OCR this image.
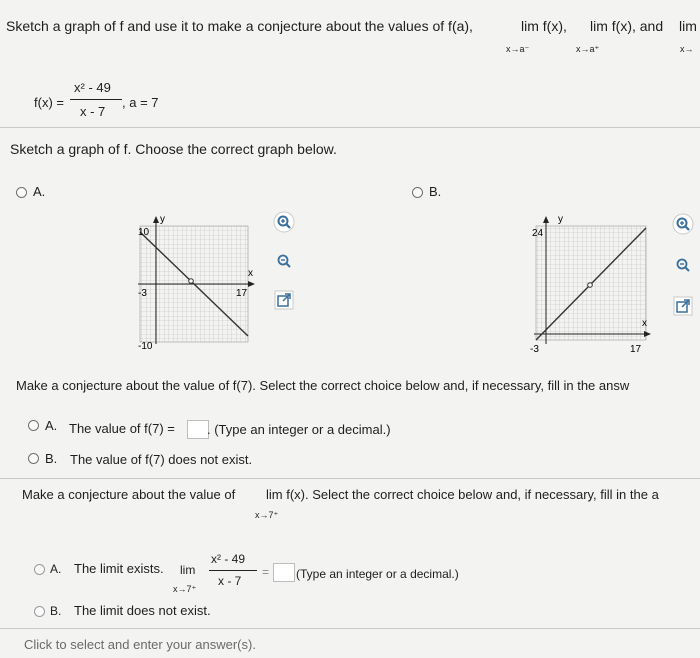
Sketch a graph of f and use it to make a conjecture about the values of f(a),	lim f(x),
x→a⁻
lim f(x), and
x→a⁺
lim
x→
f(x) =
x² - 49
x - 7
, a = 7
Sketch a graph of f. Choose the correct graph below.
A.	B.
y
x
10
-10
-3	17
y
x
24
-3	17
Make a conjecture about the value of f(7). Select the correct choice below and, if necessary, fill in the answ
A. The value of f(7) = . (Type an integer or a decimal.)
B. The value of f(7) does not exist.
Make a conjecture about the value of lim f(x). Select the correct choice below and, if necessary, fill in the a
x→7⁺
A. The limit exists. lim
x→7⁺
x² - 49
x - 7
= (Type an integer or a decimal.)
B. The limit does not exist.
Click to select and enter your answer(s).
